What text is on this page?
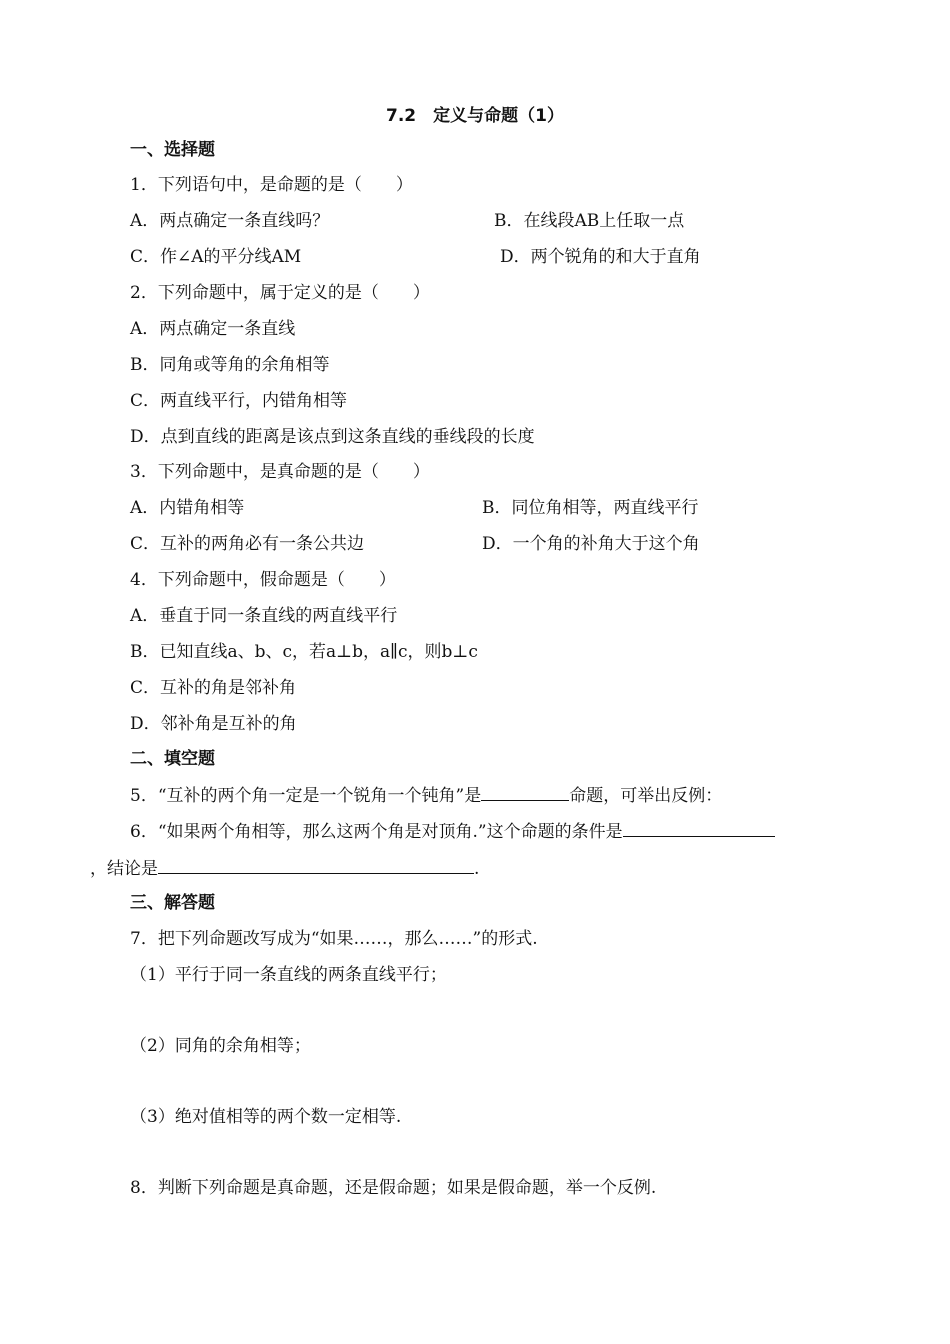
7.2　定义与命题（1）
一、选择题
1．下列语句中，是命题的是（　　）
A．两点确定一条直线吗？	B．在线段AB上任取一点
C．作∠A的平分线AM	D．两个锐角的和大于直角
2．下列命题中，属于定义的是（　　）
A．两点确定一条直线
B．同角或等角的余角相等
C．两直线平行，内错角相等
D．点到直线的距离是该点到这条直线的垂线段的长度
3．下列命题中，是真命题的是（　　）
A．内错角相等	B．同位角相等，两直线平行
C．互补的两角必有一条公共边	D．一个角的补角大于这个角
4．下列命题中，假命题是（　　）
A．垂直于同一条直线的两直线平行
B．已知直线a、b、c，若a⊥b，a∥c，则b⊥c
C．互补的角是邻补角
D．邻补角是互补的角
二、填空题
5．“互补的两个角一定是一个锐角一个钝角”是	命题，可举出反例：
6．“如果两个角相等，那么这两个角是对顶角.”这个命题的条件是
，结论是	.
三、解答题
7．把下列命题改写成为“如果……，那么……”的形式.
（1）平行于同一条直线的两条直线平行；
（2）同角的余角相等；
（3）绝对值相等的两个数一定相等.
8．判断下列命题是真命题，还是假命题；如果是假命题，举一个反例.
